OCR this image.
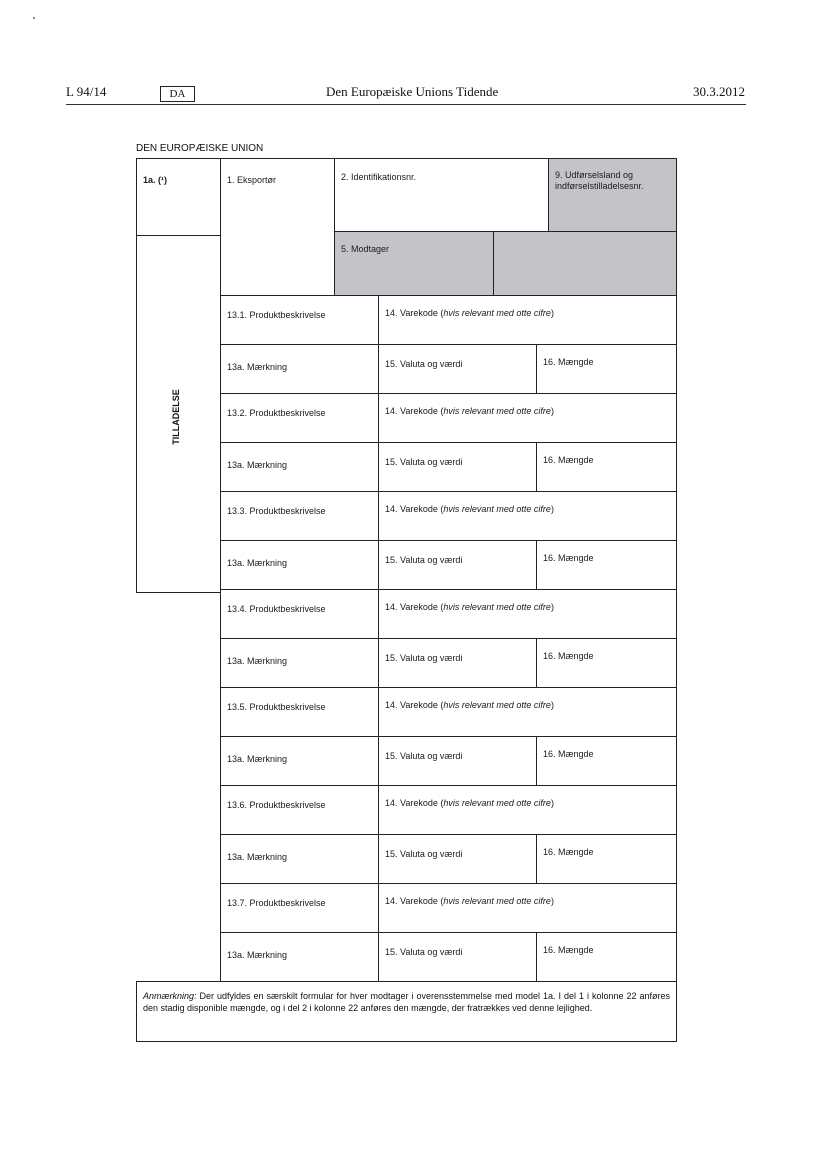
L 94/14	DA	Den Europæiske Unions Tidende	30.3.2012
DEN EUROPÆISKE UNION
1a. (¹)
TILLADELSE
1. Eksportør	2. Identifikationsnr.	9. Udførselsland og indførselstilladelsesnr.
5. Modtager
13.1. Produktbeskrivelse	14. Varekode (hvis relevant med otte cifre)
13a. Mærkning	15. Valuta og værdi	16. Mængde
13.2. Produktbeskrivelse	14. Varekode (hvis relevant med otte cifre)
13a. Mærkning	15. Valuta og værdi	16. Mængde
13.3. Produktbeskrivelse	14. Varekode (hvis relevant med otte cifre)
13a. Mærkning	15. Valuta og værdi	16. Mængde
13.4. Produktbeskrivelse	14. Varekode (hvis relevant med otte cifre)
13a. Mærkning	15. Valuta og værdi	16. Mængde
13.5. Produktbeskrivelse	14. Varekode (hvis relevant med otte cifre)
13a. Mærkning	15. Valuta og værdi	16. Mængde
13.6. Produktbeskrivelse	14. Varekode (hvis relevant med otte cifre)
13a. Mærkning	15. Valuta og værdi	16. Mængde
13.7. Produktbeskrivelse	14. Varekode (hvis relevant med otte cifre)
13a. Mærkning	15. Valuta og værdi	16. Mængde
Anmærkning: Der udfyldes en særskilt formular for hver modtager i overensstemmelse med model 1a. I del 1 i kolonne 22 anføres den stadig disponible mængde, og i del 2 i kolonne 22 anføres den mængde, der fratrækkes ved denne lejlighed.
